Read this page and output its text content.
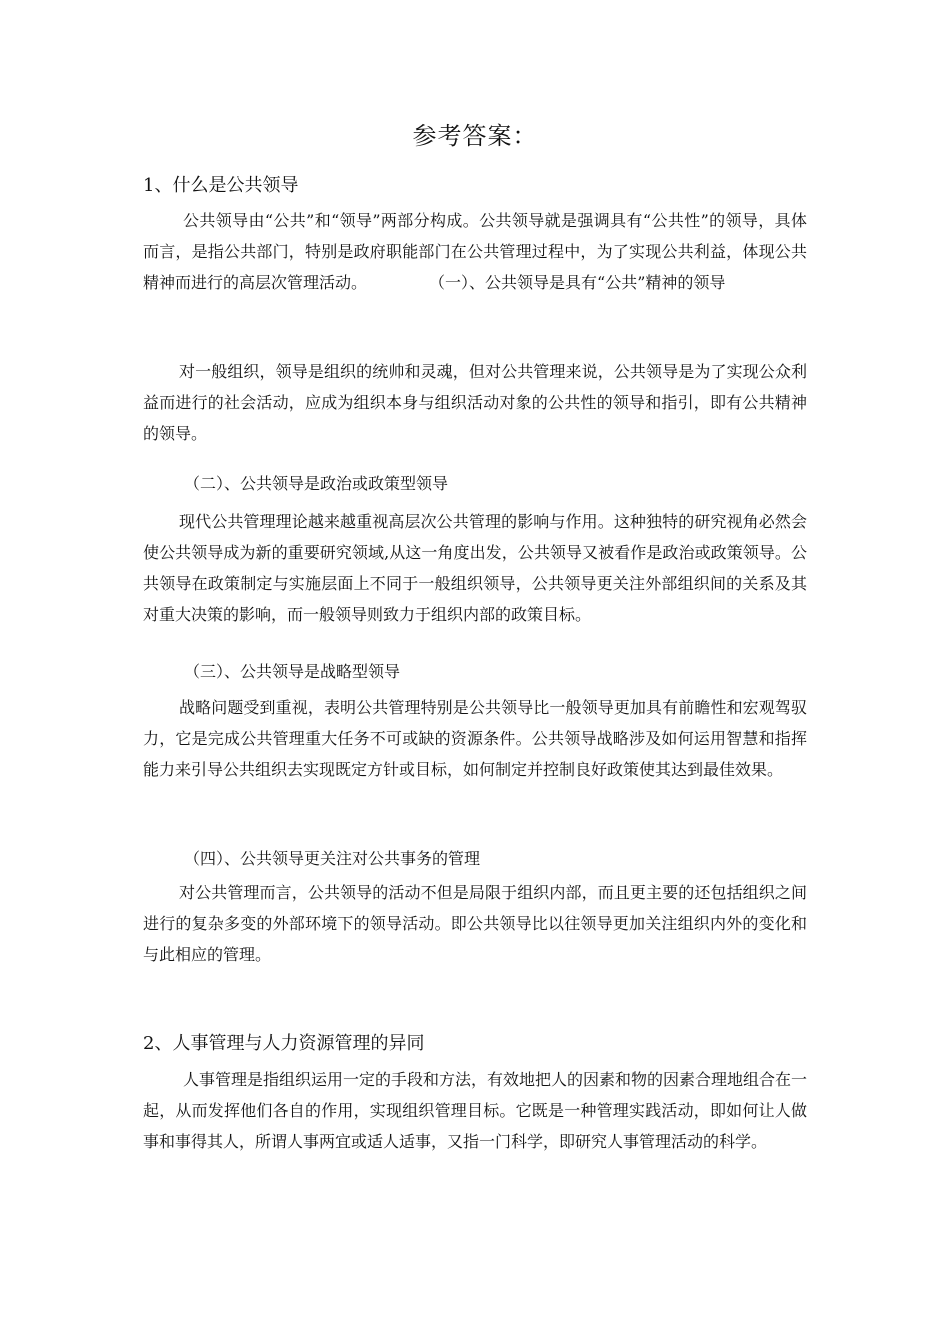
参考答案：
1、什么是公共领导

公共领导由“公共”和“领导”两部分构成。公共领导就是强调具有“公共性”的领导，具体而言，是指公共部门，特别是政府职能部门在公共管理过程中，为了实现公共利益，体现公共精神而进行的高层次管理活动。	（一）、公共领导是具有“公共”精神的领导

对一般组织，领导是组织的统帅和灵魂，但对公共管理来说，公共领导是为了实现公众利益而进行的社会活动，应成为组织本身与组织活动对象的公共性的领导和指引，即有公共精神的领导。

（二）、公共领导是政治或政策型领导

现代公共管理理论越来越重视高层次公共管理的影响与作用。这种独特的研究视角必然会使公共领导成为新的重要研究领域,从这一角度出发，公共领导又被看作是政治或政策领导。公共领导在政策制定与实施层面上不同于一般组织领导，公共领导更关注外部组织间的关系及其对重大决策的影响，而一般领导则致力于组织内部的政策目标。

（三）、公共领导是战略型领导

战略问题受到重视，表明公共管理特别是公共领导比一般领导更加具有前瞻性和宏观驾驭力，它是完成公共管理重大任务不可或缺的资源条件。公共领导战略涉及如何运用智慧和指挥能力来引导公共组织去实现既定方针或目标，如何制定并控制良好政策使其达到最佳效果。

（四）、公共领导更关注对公共事务的管理

对公共管理而言，公共领导的活动不但是局限于组织内部，而且更主要的还包括组织之间进行的复杂多变的外部环境下的领导活动。即公共领导比以往领导更加关注组织内外的变化和与此相应的管理。

2、人事管理与人力资源管理的异同

人事管理是指组织运用一定的手段和方法，有效地把人的因素和物的因素合理地组合在一起，从而发挥他们各自的作用，实现组织管理目标。它既是一种管理实践活动，即如何让人做事和事得其人，所谓人事两宜或适人适事，又指一门科学，即研究人事管理活动的科学。
